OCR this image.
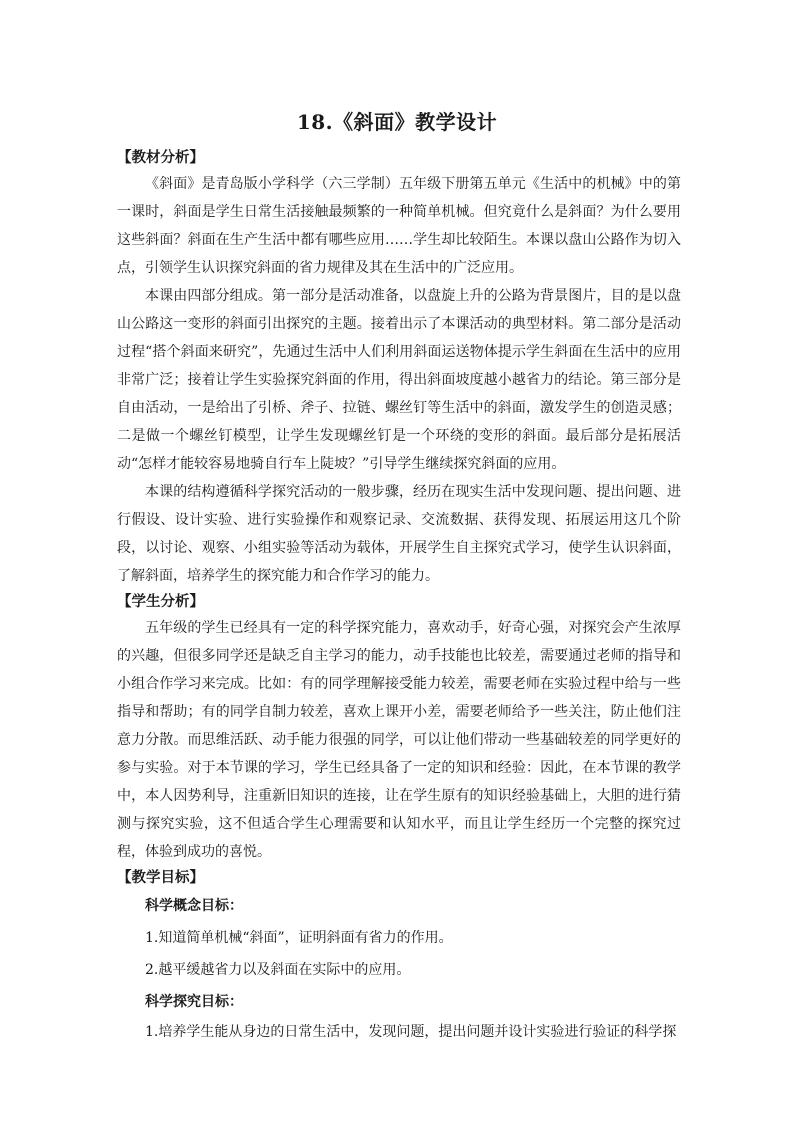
18.《斜面》教学设计

【教材分析】

《斜面》是青岛版小学科学（六三学制）五年级下册第五单元《生活中的机械》中的第一课时，斜面是学生日常生活接触最频繁的一种简单机械。但究竟什么是斜面？为什么要用这些斜面？斜面在生产生活中都有哪些应用……学生却比较陌生。本课以盘山公路作为切入点，引领学生认识探究斜面的省力规律及其在生活中的广泛应用。

本课由四部分组成。第一部分是活动准备，以盘旋上升的公路为背景图片，目的是以盘山公路这一变形的斜面引出探究的主题。接着出示了本课活动的典型材料。第二部分是活动过程“搭个斜面来研究”，先通过生活中人们利用斜面运送物体提示学生斜面在生活中的应用非常广泛；接着让学生实验探究斜面的作用，得出斜面坡度越小越省力的结论。第三部分是自由活动，一是给出了引桥、斧子、拉链、螺丝钉等生活中的斜面，激发学生的创造灵感；二是做一个螺丝钉模型，让学生发现螺丝钉是一个环绕的变形的斜面。最后部分是拓展活动“怎样才能较容易地骑自行车上陡坡？”引导学生继续探究斜面的应用。

本课的结构遵循科学探究活动的一般步骤，经历在现实生活中发现问题、提出问题、进行假设、设计实验、进行实验操作和观察记录、交流数据、获得发现、拓展运用这几个阶段，以讨论、观察、小组实验等活动为载体，开展学生自主探究式学习，使学生认识斜面，了解斜面，培养学生的探究能力和合作学习的能力。

【学生分析】

五年级的学生已经具有一定的科学探究能力，喜欢动手，好奇心强，对探究会产生浓厚的兴趣，但很多同学还是缺乏自主学习的能力，动手技能也比较差，需要通过老师的指导和小组合作学习来完成。比如：有的同学理解接受能力较差，需要老师在实验过程中给与一些指导和帮助；有的同学自制力较差，喜欢上课开小差，需要老师给予一些关注，防止他们注意力分散。而思维活跃、动手能力很强的同学，可以让他们带动一些基础较差的同学更好的参与实验。对于本节课的学习，学生已经具备了一定的知识和经验：因此，在本节课的教学中，本人因势利导，注重新旧知识的连接，让在学生原有的知识经验基础上，大胆的进行猜测与探究实验，这不但适合学生心理需要和认知水平，而且让学生经历一个完整的探究过程，体验到成功的喜悦。

【教学目标】

科学概念目标：

1.知道简单机械“斜面”，证明斜面有省力的作用。

2.越平缓越省力以及斜面在实际中的应用。

科学探究目标：

1.培养学生能从身边的日常生活中，发现问题，提出问题并设计实验进行验证的科学探
